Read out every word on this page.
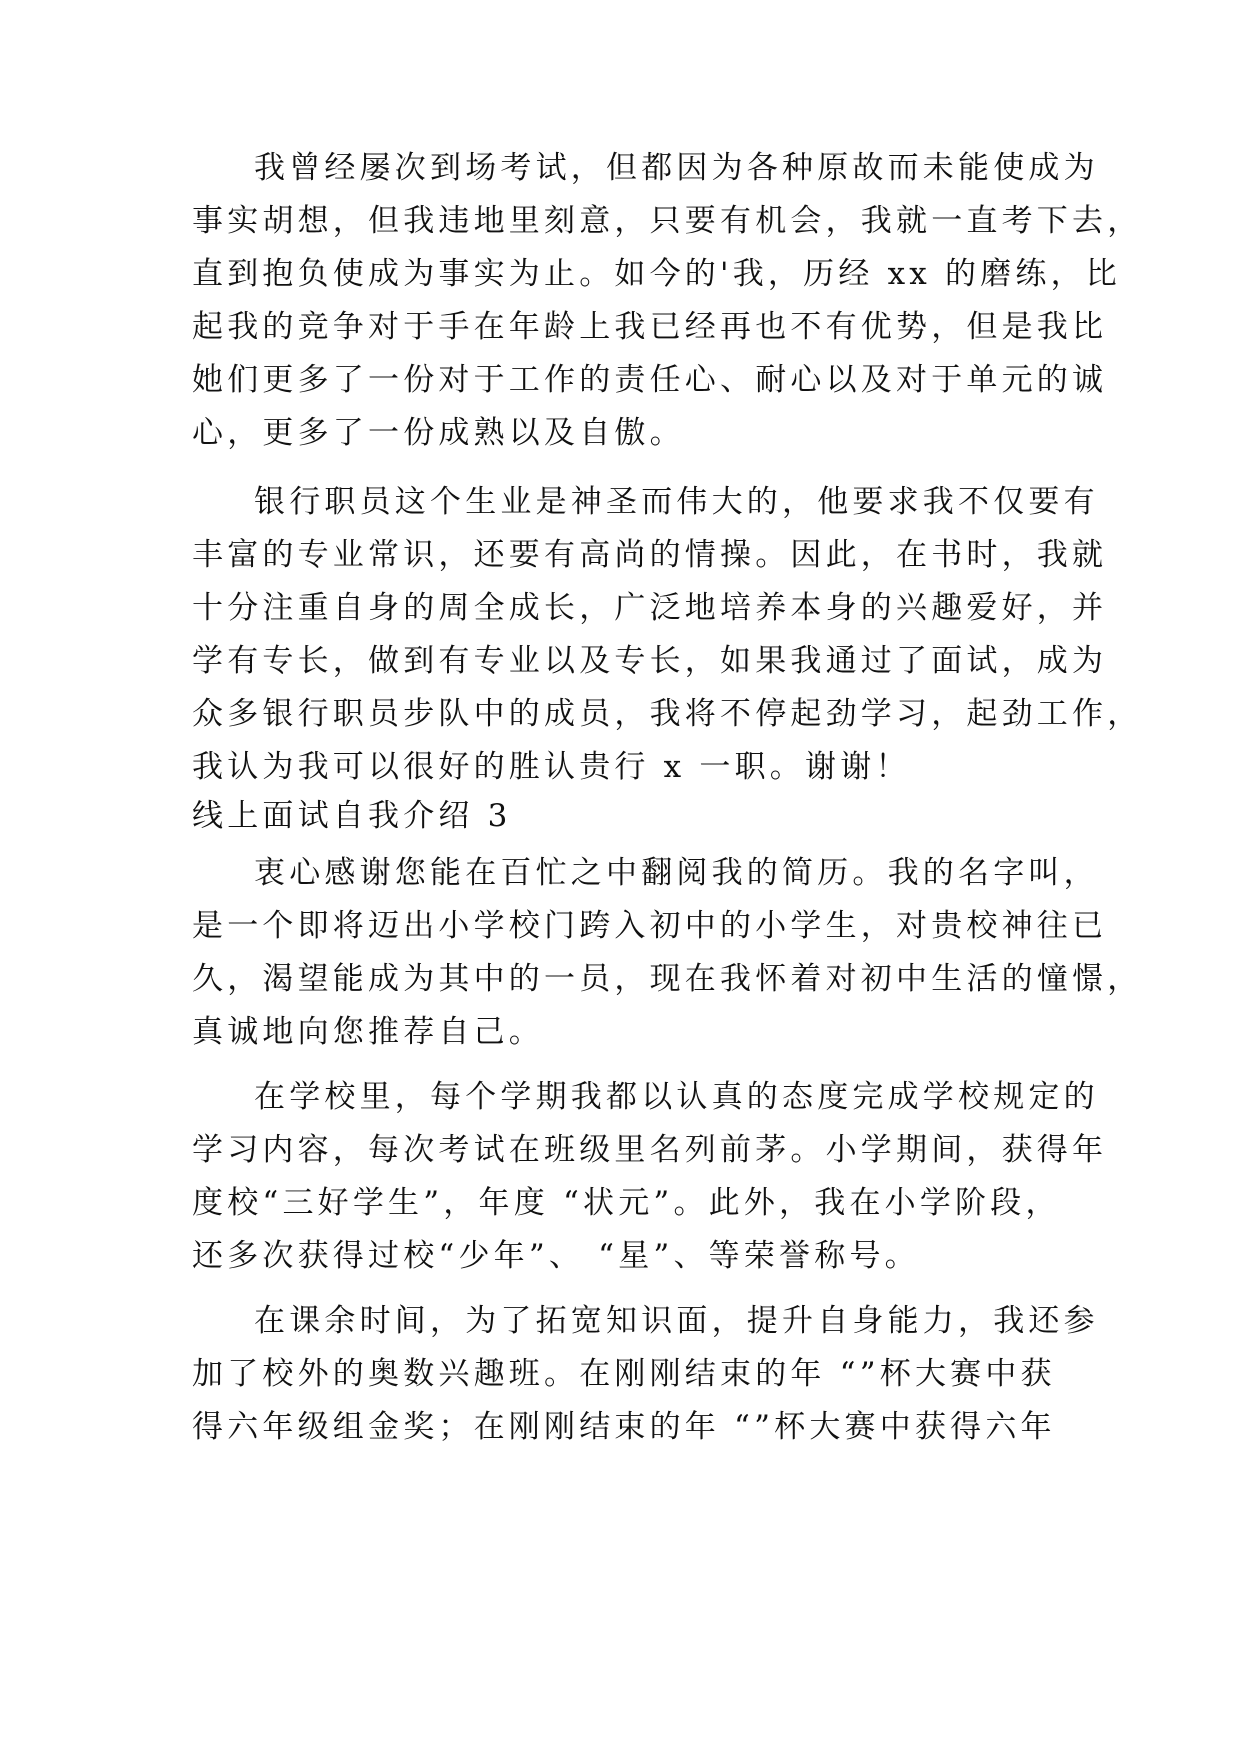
我曾经屡次到场考试，但都因为各种原故而未能使成为
事实胡想，但我违地里刻意，只要有机会，我就一直考下去，
直到抱负使成为事实为止。如今的'我，历经 xx 的磨练，比
起我的竞争对于手在年龄上我已经再也不有优势，但是我比
她们更多了一份对于工作的责任心、耐心以及对于单元的诚
心，更多了一份成熟以及自傲。
银行职员这个生业是神圣而伟大的，他要求我不仅要有
丰富的专业常识，还要有高尚的情操。因此，在书时，我就
十分注重自身的周全成长，广泛地培养本身的兴趣爱好，并
学有专长，做到有专业以及专长，如果我通过了面试，成为
众多银行职员步队中的成员，我将不停起劲学习，起劲工作，
我认为我可以很好的胜认贵行 x 一职。谢谢！
线上面试自我介绍 3
衷心感谢您能在百忙之中翻阅我的简历。我的名字叫，
是一个即将迈出小学校门跨入初中的小学生，对贵校神往已
久，渴望能成为其中的一员，现在我怀着对初中生活的憧憬，
真诚地向您推荐自己。
在学校里，每个学期我都以认真的态度完成学校规定的
学习内容，每次考试在班级里名列前茅。小学期间，获得年
度校“三好学生”，年度 “状元”。此外，我在小学阶段，
还多次获得过校“少年”、 “星”、等荣誉称号。
在课余时间，为了拓宽知识面，提升自身能力，我还参
加了校外的奥数兴趣班。在刚刚结束的年 “”杯大赛中获
得六年级组金奖；在刚刚结束的年 “”杯大赛中获得六年
